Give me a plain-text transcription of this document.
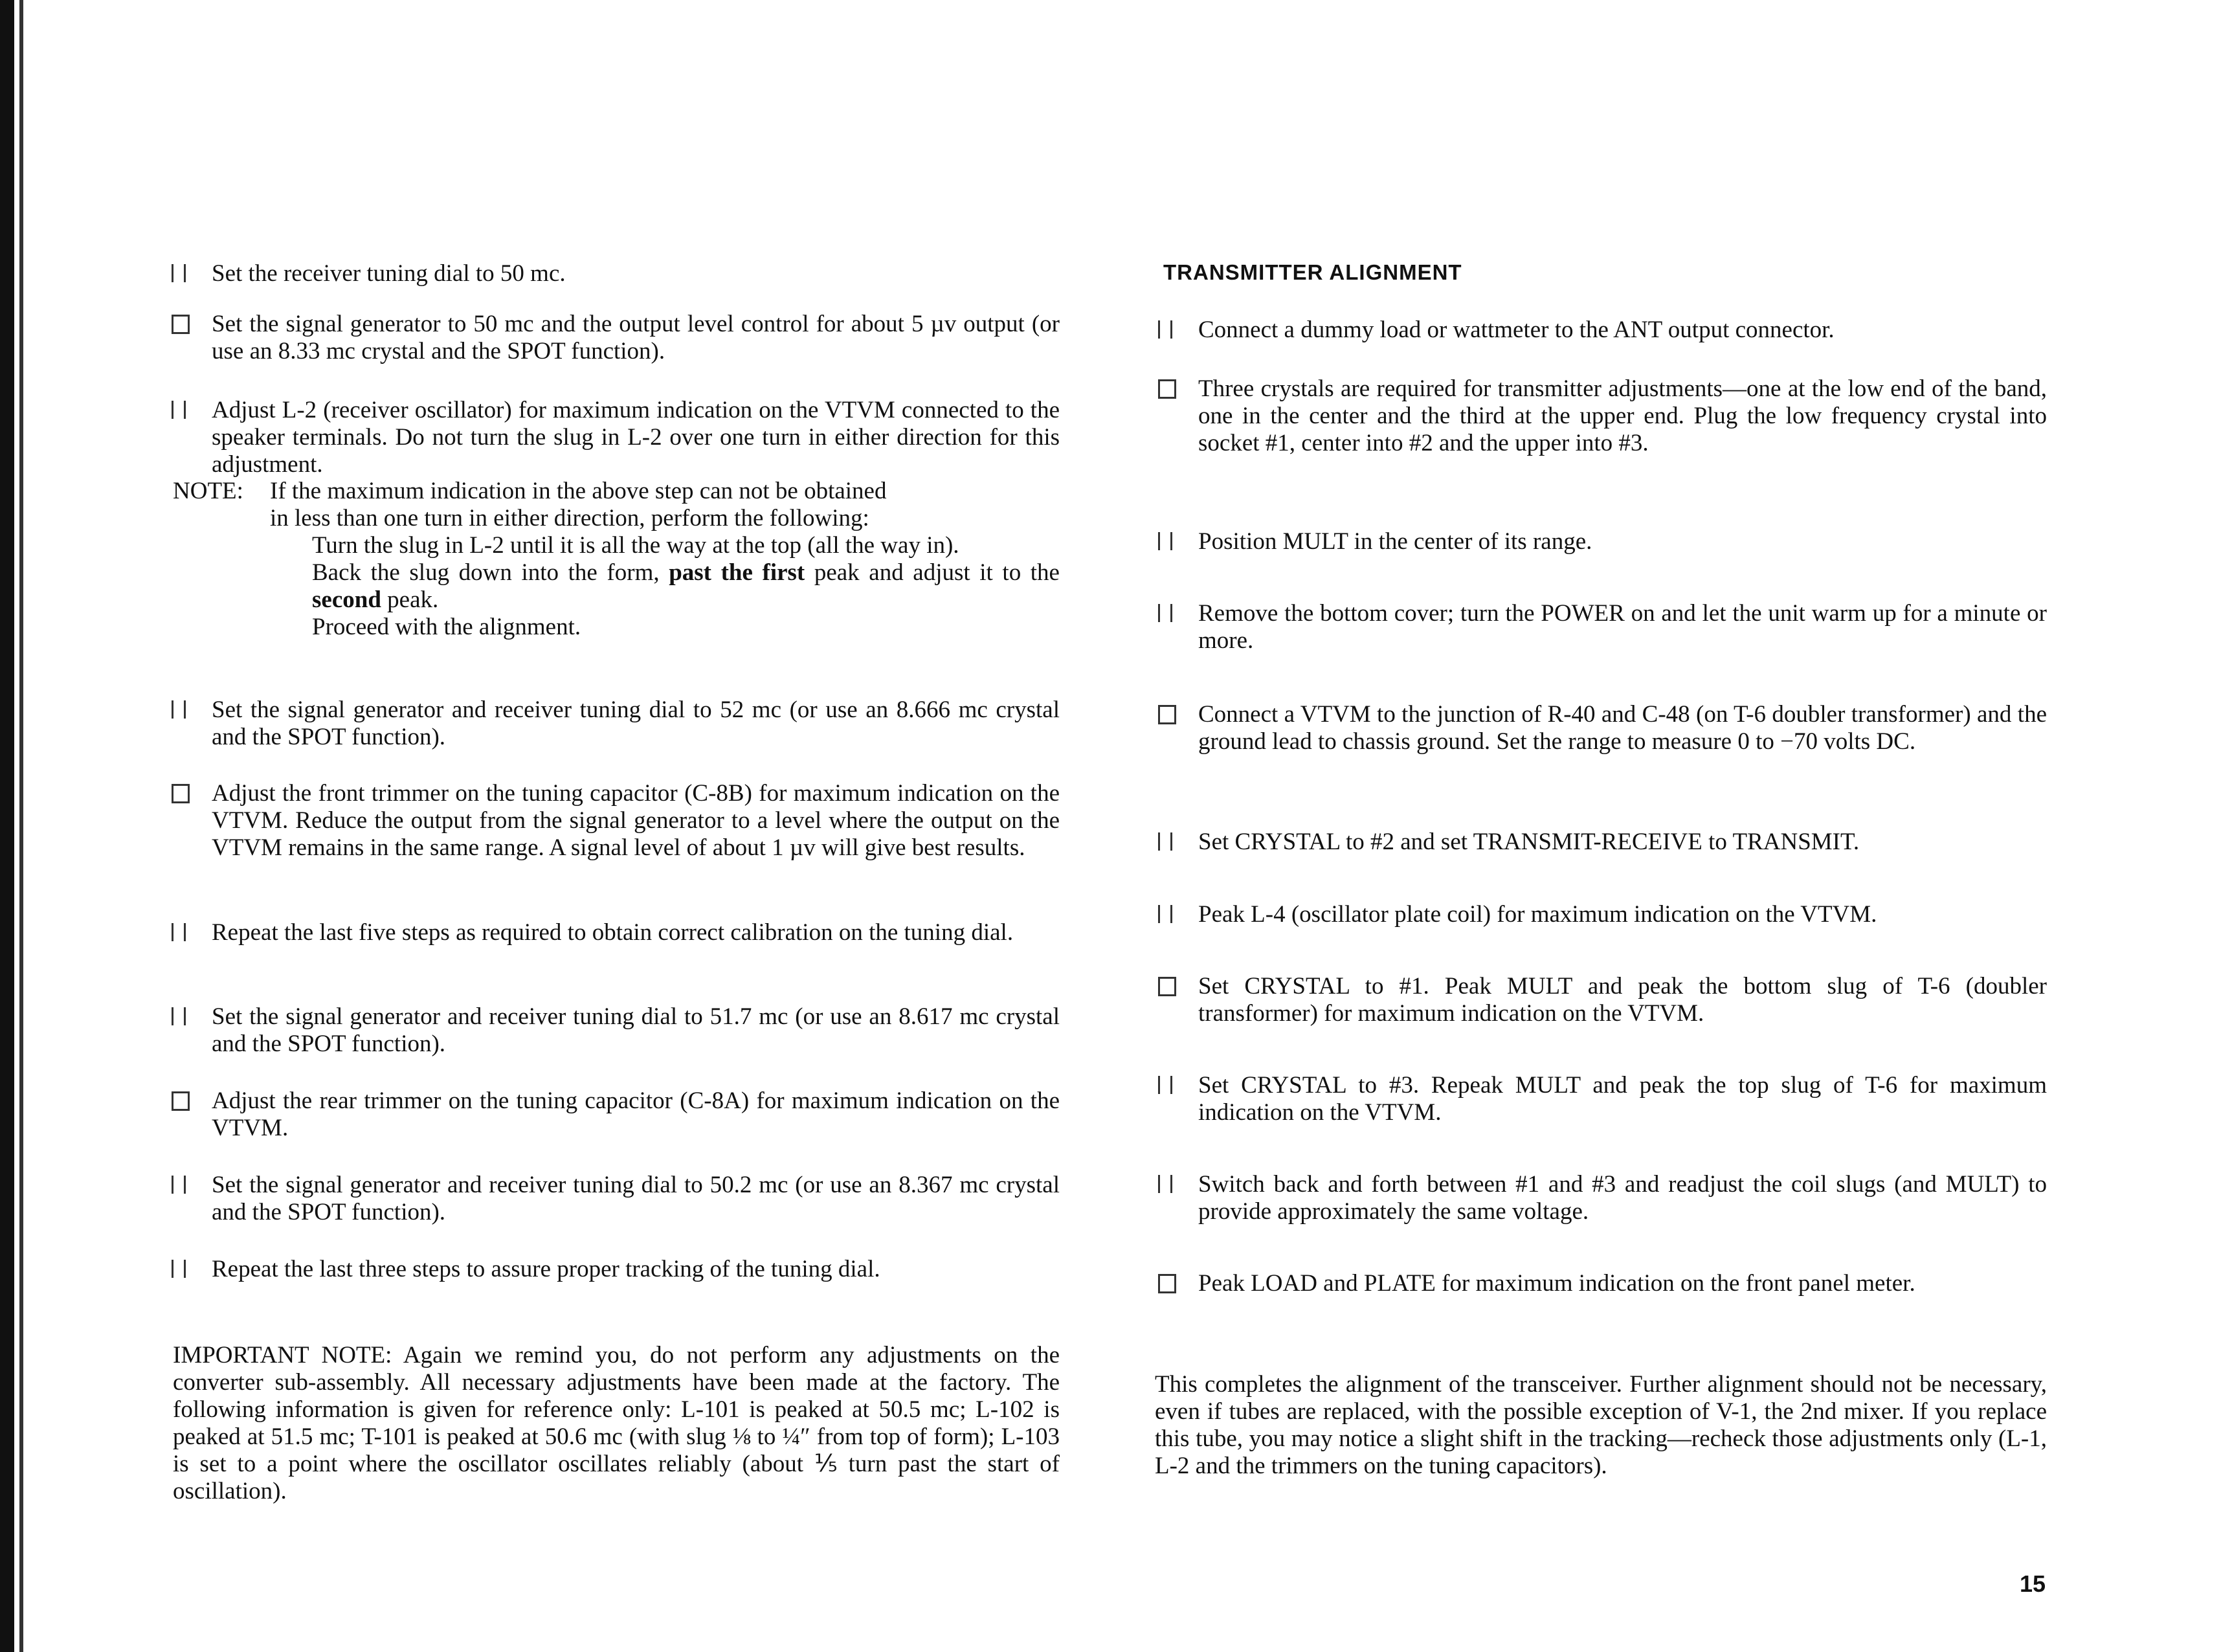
Set the receiver tuning dial to 50 mc.
Set the signal generator to 50 mc and the output level control for about 5 µv output (or use an 8.33 mc crystal and the SPOT function).
Adjust L-2 (receiver oscillator) for maximum indication on the VTVM connected to the speaker terminals. Do not turn the slug in L-2 over one turn in either direction for this adjustment.
Set the signal generator and receiver tuning dial to 52 mc (or use an 8.666 mc crystal and the SPOT function).
Adjust the front trimmer on the tuning capacitor (C-8B) for maximum indication on the VTVM. Reduce the output from the signal generator to a level where the output on the VTVM remains in the same range. A signal level of about 1 µv will give best results.
Repeat the last five steps as required to obtain correct calibration on the tuning dial.
Set the signal generator and receiver tuning dial to 51.7 mc (or use an 8.617 mc crystal and the SPOT function).
Adjust the rear trimmer on the tuning capacitor (C-8A) for maximum indication on the VTVM.
Set the signal generator and receiver tuning dial to 50.2 mc (or use an 8.367 mc crystal and the SPOT function).
Repeat the last three steps to assure proper tracking of the tuning dial.
NOTE:	If the maximum indication in the above step can not be obtained
in less than one turn in either direction, perform the following:
Turn the slug in L-2 until it is all the way at the top (all the way in).
Back the slug down into the form, past the first peak and adjust it to the second peak.
Proceed with the alignment.
IMPORTANT NOTE: Again we remind you, do not perform any adjustments on the converter sub-assembly. All necessary adjustments have been made at the factory. The following information is given for reference only: L-101 is peaked at 50.5 mc; L-102 is peaked at 51.5 mc; T-101 is peaked at 50.6 mc (with slug ⅛ to ¼″ from top of form); L-103 is set to a point where the oscillator oscillates reliably (about ⅕ turn past the start of oscillation).
TRANSMITTER ALIGNMENT
Connect a dummy load or wattmeter to the ANT output connector.
Three crystals are required for transmitter adjustments—one at the low end of the band, one in the center and the third at the upper end. Plug the low frequency crystal into socket #1, center into #2 and the upper into #3.
Position MULT in the center of its range.
Remove the bottom cover; turn the POWER on and let the unit warm up for a minute or more.
Connect a VTVM to the junction of R-40 and C-48 (on T-6 doubler transformer) and the ground lead to chassis ground. Set the range to measure 0 to −70 volts DC.
Set CRYSTAL to #2 and set TRANSMIT-RECEIVE to TRANSMIT.
Peak L-4 (oscillator plate coil) for maximum indication on the VTVM.
Set CRYSTAL to #1. Peak MULT and peak the bottom slug of T-6 (doubler transformer) for maximum indication on the VTVM.
Set CRYSTAL to #3. Repeak MULT and peak the top slug of T-6 for maximum indication on the VTVM.
Switch back and forth between #1 and #3 and readjust the coil slugs (and MULT) to provide approximately the same voltage.
Peak LOAD and PLATE for maximum indication on the front panel meter.
This completes the alignment of the transceiver. Further alignment should not be necessary, even if tubes are replaced, with the possible exception of V-1, the 2nd mixer. If you replace this tube, you may notice a slight shift in the tracking—recheck those adjustments only (L-1, L-2 and the trimmers on the tuning capacitors).
15
